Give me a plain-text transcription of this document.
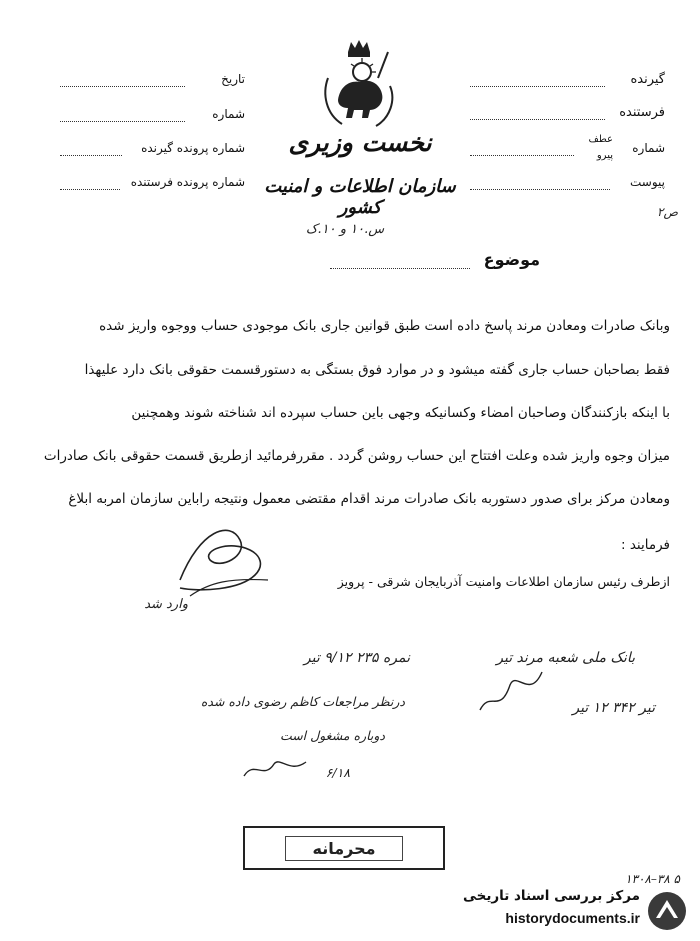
نخست وزیری
سازمان اطلاعات و امنیت کشور
س.۱۰ و ۱۰.ک
تاریخ
شماره
شماره پرونده گیرنده
شماره پرونده فرستنده
گیرنده
فرستنده
شماره
عطف
پیرو
پیوست
ص۲
موضوع
وبانک صادرات ومعادن مرند پاسخ داده است طبق قوانین جاری بانک موجودی حساب ووجوه واریز شده
فقط بصاحبان حساب جاری گفته میشود و در موارد فوق بستگی به دستورقسمت حقوقی بانک دارد علیهذا
با اینکه بازکنندگان وصاحبان امضاء وکسانیکه وجهی باین حساب سپرده اند شناخته شوند وهمچنین
میزان وجوه واریز شده وعلت افتتاح این حساب روشن گردد . مقررفرمائید ازطریق قسمت حقوقی بانک صادرات
ومعادن مرکز برای صدور دستوربه بانک صادرات مرند اقدام مقتضی معمول ونتیجه راباین سازمان امربه ابلاغ
فرمایند :
ازطرف رئیس سازمان اطلاعات وامنیت آذربایجان شرقی - پرویز
وارد شد
نمره ۲۳۵ ۹/۱۲ تیر
درنظر مراجعات کاظم رضوی داده شده
دوباره مشغول است
۶/۱۸
بانک ملی شعبه مرند تیر
تیر ۳۴۲ ۱۲ تیر
محرمانه
۱۳۰۸–۳۸ ۵
مرکز بررسی اسناد تاریخی
historydocuments.ir
